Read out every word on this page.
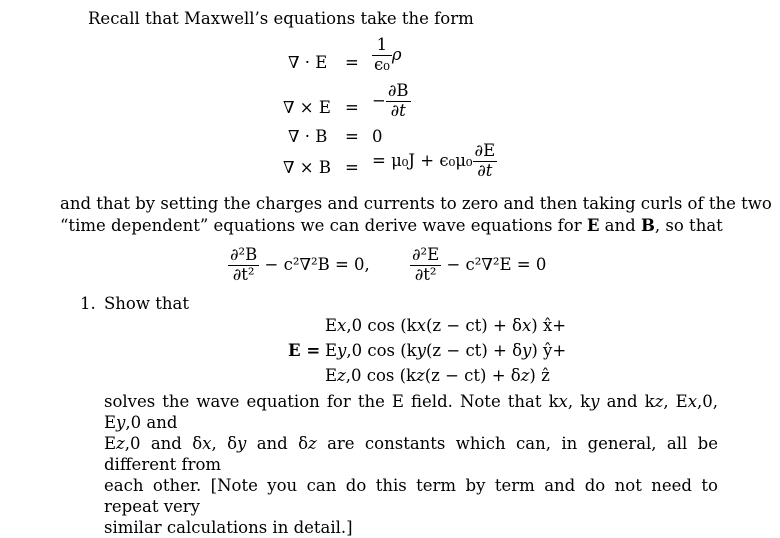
Recall that Maxwell’s equations take the form
∇ · $E = \frac{1}{\text{ϵ₀}}$ ρ
∇ × E = − $\frac{\partial B}{\partial t}$
∇ · B = 0
∇ × B = = $\mu_0J + \epsilon_0\mu_0 \frac{\partial E}{\partial t}$
and that by setting the charges and currents to zero and then taking curls of the two
“time dependent” equations we can derive wave equations for E and B, so that
$\frac{\text{∂²B}}{\text{∂t²}} - c^2\nabla^2B = 0$, $\frac{\text{∂²E}}{\text{∂t²}} - c^2\nabla^2E = 0$
1. Show that
E =
E𝑥,0 cos (k𝑥(z − ct) + δ𝑥) x̂+
E𝑦,0 cos (k𝑦(z − ct) + δ𝑦) ŷ+
E𝑧,0 cos (k𝑧(z − ct) + δ𝑧) ẑ
solves the wave equation for the E field. Note that k𝑥, k𝑦 and k𝑧, E𝑥,0, E𝑦,0 and
E𝑧,0 and δ𝑥, δ𝑦 and δ𝑧 are constants which can, in general, all be different from
each other. [Note you can do this term by term and do not need to repeat very
similar calculations in detail.]
